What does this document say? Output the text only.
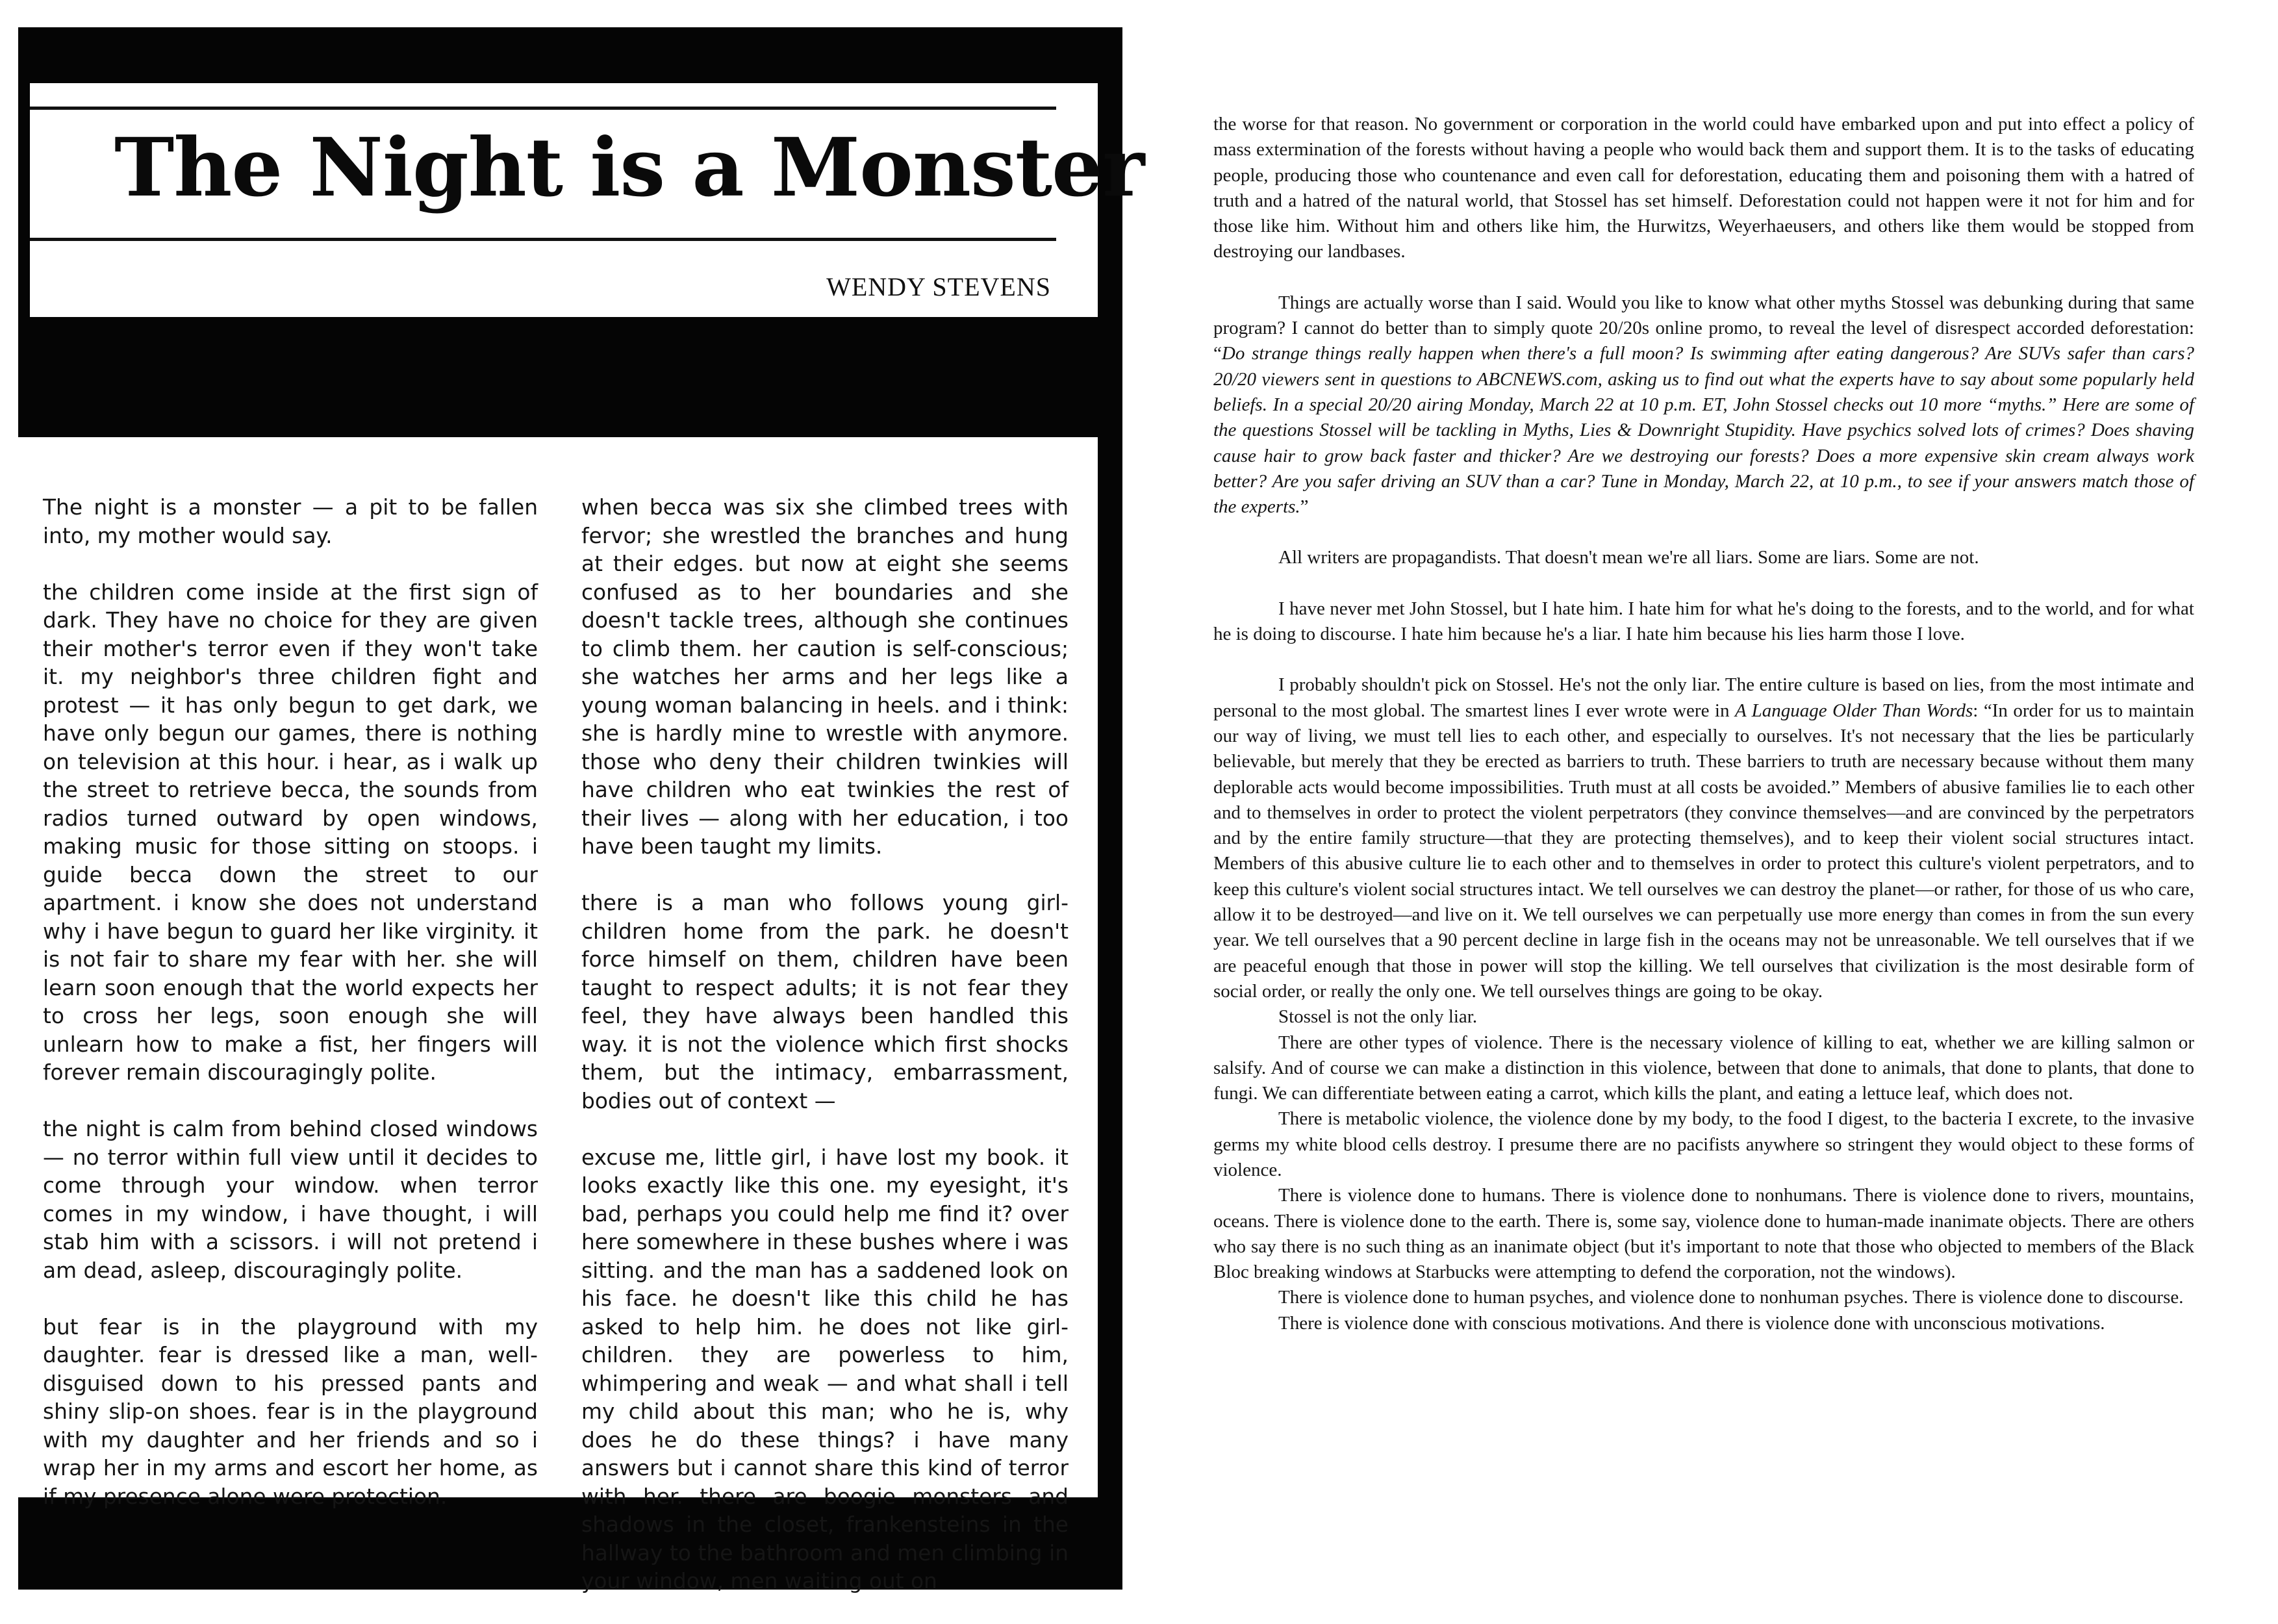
The Night is a Monster
WENDY STEVENS

The night is a monster — a pit to be fallen into, my mother would say.

the children come inside at the first sign of dark. They have no choice for they are given their mother's terror even if they won't take it. my neighbor's three children fight and protest — it has only begun to get dark, we have only begun our games, there is nothing on television at this hour. i hear, as i walk up the street to retrieve becca, the sounds from radios turned outward by open windows, making music for those sitting on stoops. i guide becca down the street to our apartment. i know she does not understand why i have begun to guard her like virginity. it is not fair to share my fear with her. she will learn soon enough that the world expects her to cross her legs, soon enough she will unlearn how to make a fist, her fingers will forever remain discouragingly polite.

the night is calm from behind closed windows — no terror within full view until it decides to come through your window. when terror comes in my window, i have thought, i will stab him with a scissors. i will not pretend i am dead, asleep, discouragingly polite.

but fear is in the playground with my daughter. fear is dressed like a man, well-disguised down to his pressed pants and shiny slip-on shoes. fear is in the playground with my daughter and her friends and so i wrap her in my arms and escort her home, as if my presence alone were protection.

when becca was six she climbed trees with fervor; she wrestled the branches and hung at their edges. but now at eight she seems confused as to her boundaries and she doesn't tackle trees, although she continues to climb them. her caution is self-conscious; she watches her arms and her legs like a young woman balancing in heels. and i think: she is hardly mine to wrestle with anymore. those who deny their children twinkies will have children who eat twinkies the rest of their lives — along with her education, i too have been taught my limits.

there is a man who follows young girl-children home from the park. he doesn't force himself on them, children have been taught to respect adults; it is not fear they feel, they have always been handled this way. it is not the violence which first shocks them, but the intimacy, embarrassment, bodies out of context —

excuse me, little girl, i have lost my book. it looks exactly like this one. my eyesight, it's bad, perhaps you could help me find it? over here somewhere in these bushes where i was sitting. and the man has a saddened look on his face. he doesn't like this child he has asked to help him. he does not like girl-children. they are powerless to him, whimpering and weak — and what shall i tell my child about this man; who he is, why does he do these things? i have many answers but i cannot share this kind of terror with her. there are boogie monsters and shadows in the closet, frankensteins in the hallway to the bathroom and men climbing in your window, men waiting out on

the worse for that reason. No government or corporation in the world could have embarked upon and put into effect a policy of mass extermination of the forests without having a people who would back them and support them. It is to the tasks of educating people, producing those who countenance and even call for deforestation, educating them and poisoning them with a hatred of truth and a hatred of the natural world, that Stossel has set himself. Deforestation could not happen were it not for him and for those like him. Without him and others like him, the Hurwitzs, Weyerhaeusers, and others like them would be stopped from destroying our landbases.

Things are actually worse than I said. Would you like to know what other myths Stossel was debunking during that same program? I cannot do better than to simply quote 20/20s online promo, to reveal the level of disrespect accorded deforestation: “Do strange things really happen when there's a full moon? Is swimming after eating dangerous? Are SUVs safer than cars? 20/20 viewers sent in questions to ABCNEWS.com, asking us to find out what the experts have to say about some popularly held beliefs. In a special 20/20 airing Monday, March 22 at 10 p.m. ET, John Stossel checks out 10 more “myths.” Here are some of the questions Stossel will be tackling in Myths, Lies & Downright Stupidity. Have psychics solved lots of crimes? Does shaving cause hair to grow back faster and thicker? Are we destroying our forests? Does a more expensive skin cream always work better? Are you safer driving an SUV than a car? Tune in Monday, March 22, at 10 p.m., to see if your answers match those of the experts.”

All writers are propagandists. That doesn't mean we're all liars. Some are liars. Some are not.

I have never met John Stossel, but I hate him. I hate him for what he's doing to the forests, and to the world, and for what he is doing to discourse. I hate him because he's a liar. I hate him because his lies harm those I love.

I probably shouldn't pick on Stossel. He's not the only liar. The entire culture is based on lies, from the most intimate and personal to the most global. The smartest lines I ever wrote were in A Language Older Than Words: “In order for us to maintain our way of living, we must tell lies to each other, and especially to ourselves. It's not necessary that the lies be particularly believable, but merely that they be erected as barriers to truth. These barriers to truth are necessary because without them many deplorable acts would become impossibilities. Truth must at all costs be avoided.” Members of abusive families lie to each other and to themselves in order to protect the violent perpetrators (they convince themselves—and are convinced by the perpetrators and by the entire family structure—that they are protecting themselves), and to keep their violent social structures intact. Members of this abusive culture lie to each other and to themselves in order to protect this culture's violent perpetrators, and to keep this culture's violent social structures intact. We tell ourselves we can destroy the planet—or rather, for those of us who care, allow it to be destroyed—and live on it. We tell ourselves we can perpetually use more energy than comes in from the sun every year. We tell ourselves that a 90 percent decline in large fish in the oceans may not be unreasonable. We tell ourselves that if we are peaceful enough that those in power will stop the killing. We tell ourselves that civilization is the most desirable form of social order, or really the only one. We tell ourselves things are going to be okay.

Stossel is not the only liar.

There are other types of violence. There is the necessary violence of killing to eat, whether we are killing salmon or salsify. And of course we can make a distinction in this violence, between that done to animals, that done to plants, that done to fungi. We can differentiate between eating a carrot, which kills the plant, and eating a lettuce leaf, which does not.

There is metabolic violence, the violence done by my body, to the food I digest, to the bacteria I excrete, to the invasive germs my white blood cells destroy. I presume there are no pacifists anywhere so stringent they would object to these forms of violence.

There is violence done to humans. There is violence done to nonhumans. There is violence done to rivers, mountains, oceans. There is violence done to the earth. There is, some say, violence done to human-made inanimate objects. There are others who say there is no such thing as an inanimate object (but it's important to note that those who objected to members of the Black Bloc breaking windows at Starbucks were attempting to defend the corporation, not the windows).

There is violence done to human psyches, and violence done to nonhuman psyches. There is violence done to discourse.

There is violence done with conscious motivations. And there is violence done with unconscious motivations.
